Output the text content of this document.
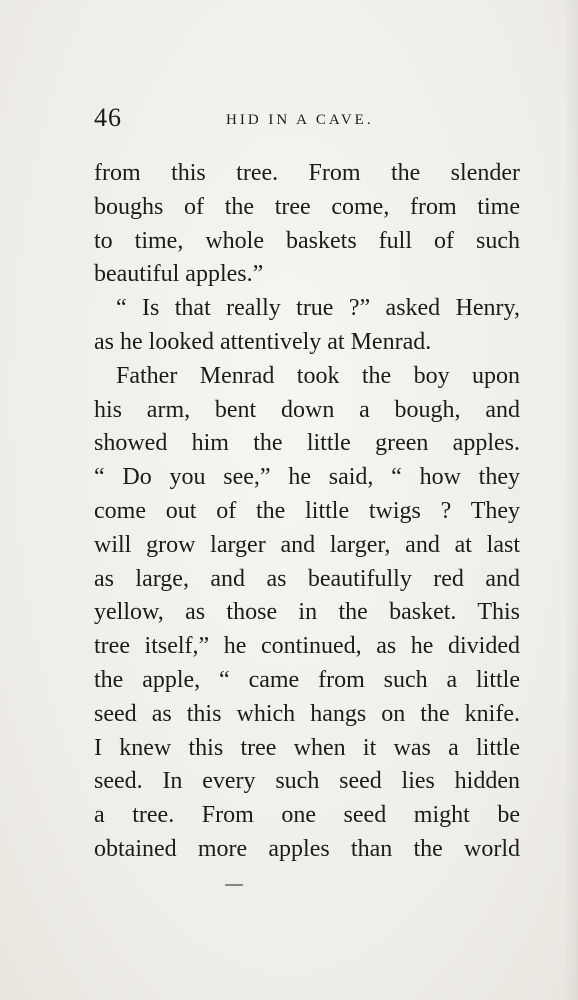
46	HID IN A CAVE.
from this tree. From the slender
boughs of the tree come, from time
to time, whole baskets full of such
beautiful apples.”
“ Is that really true ?” asked Henry,
as he looked attentively at Menrad.
Father Menrad took the boy upon
his arm, bent down a bough, and
showed him the little green apples.
“ Do you see,” he said, “ how they
come out of the little twigs ? They
will grow larger and larger, and at last
as large, and as beautifully red and
yellow, as those in the basket. This
tree itself,” he continued, as he divided
the apple, “ came from such a little
seed as this which hangs on the knife.
I knew this tree when it was a little
seed. In every such seed lies hidden
a tree. From one seed might be
obtained more apples than the world
